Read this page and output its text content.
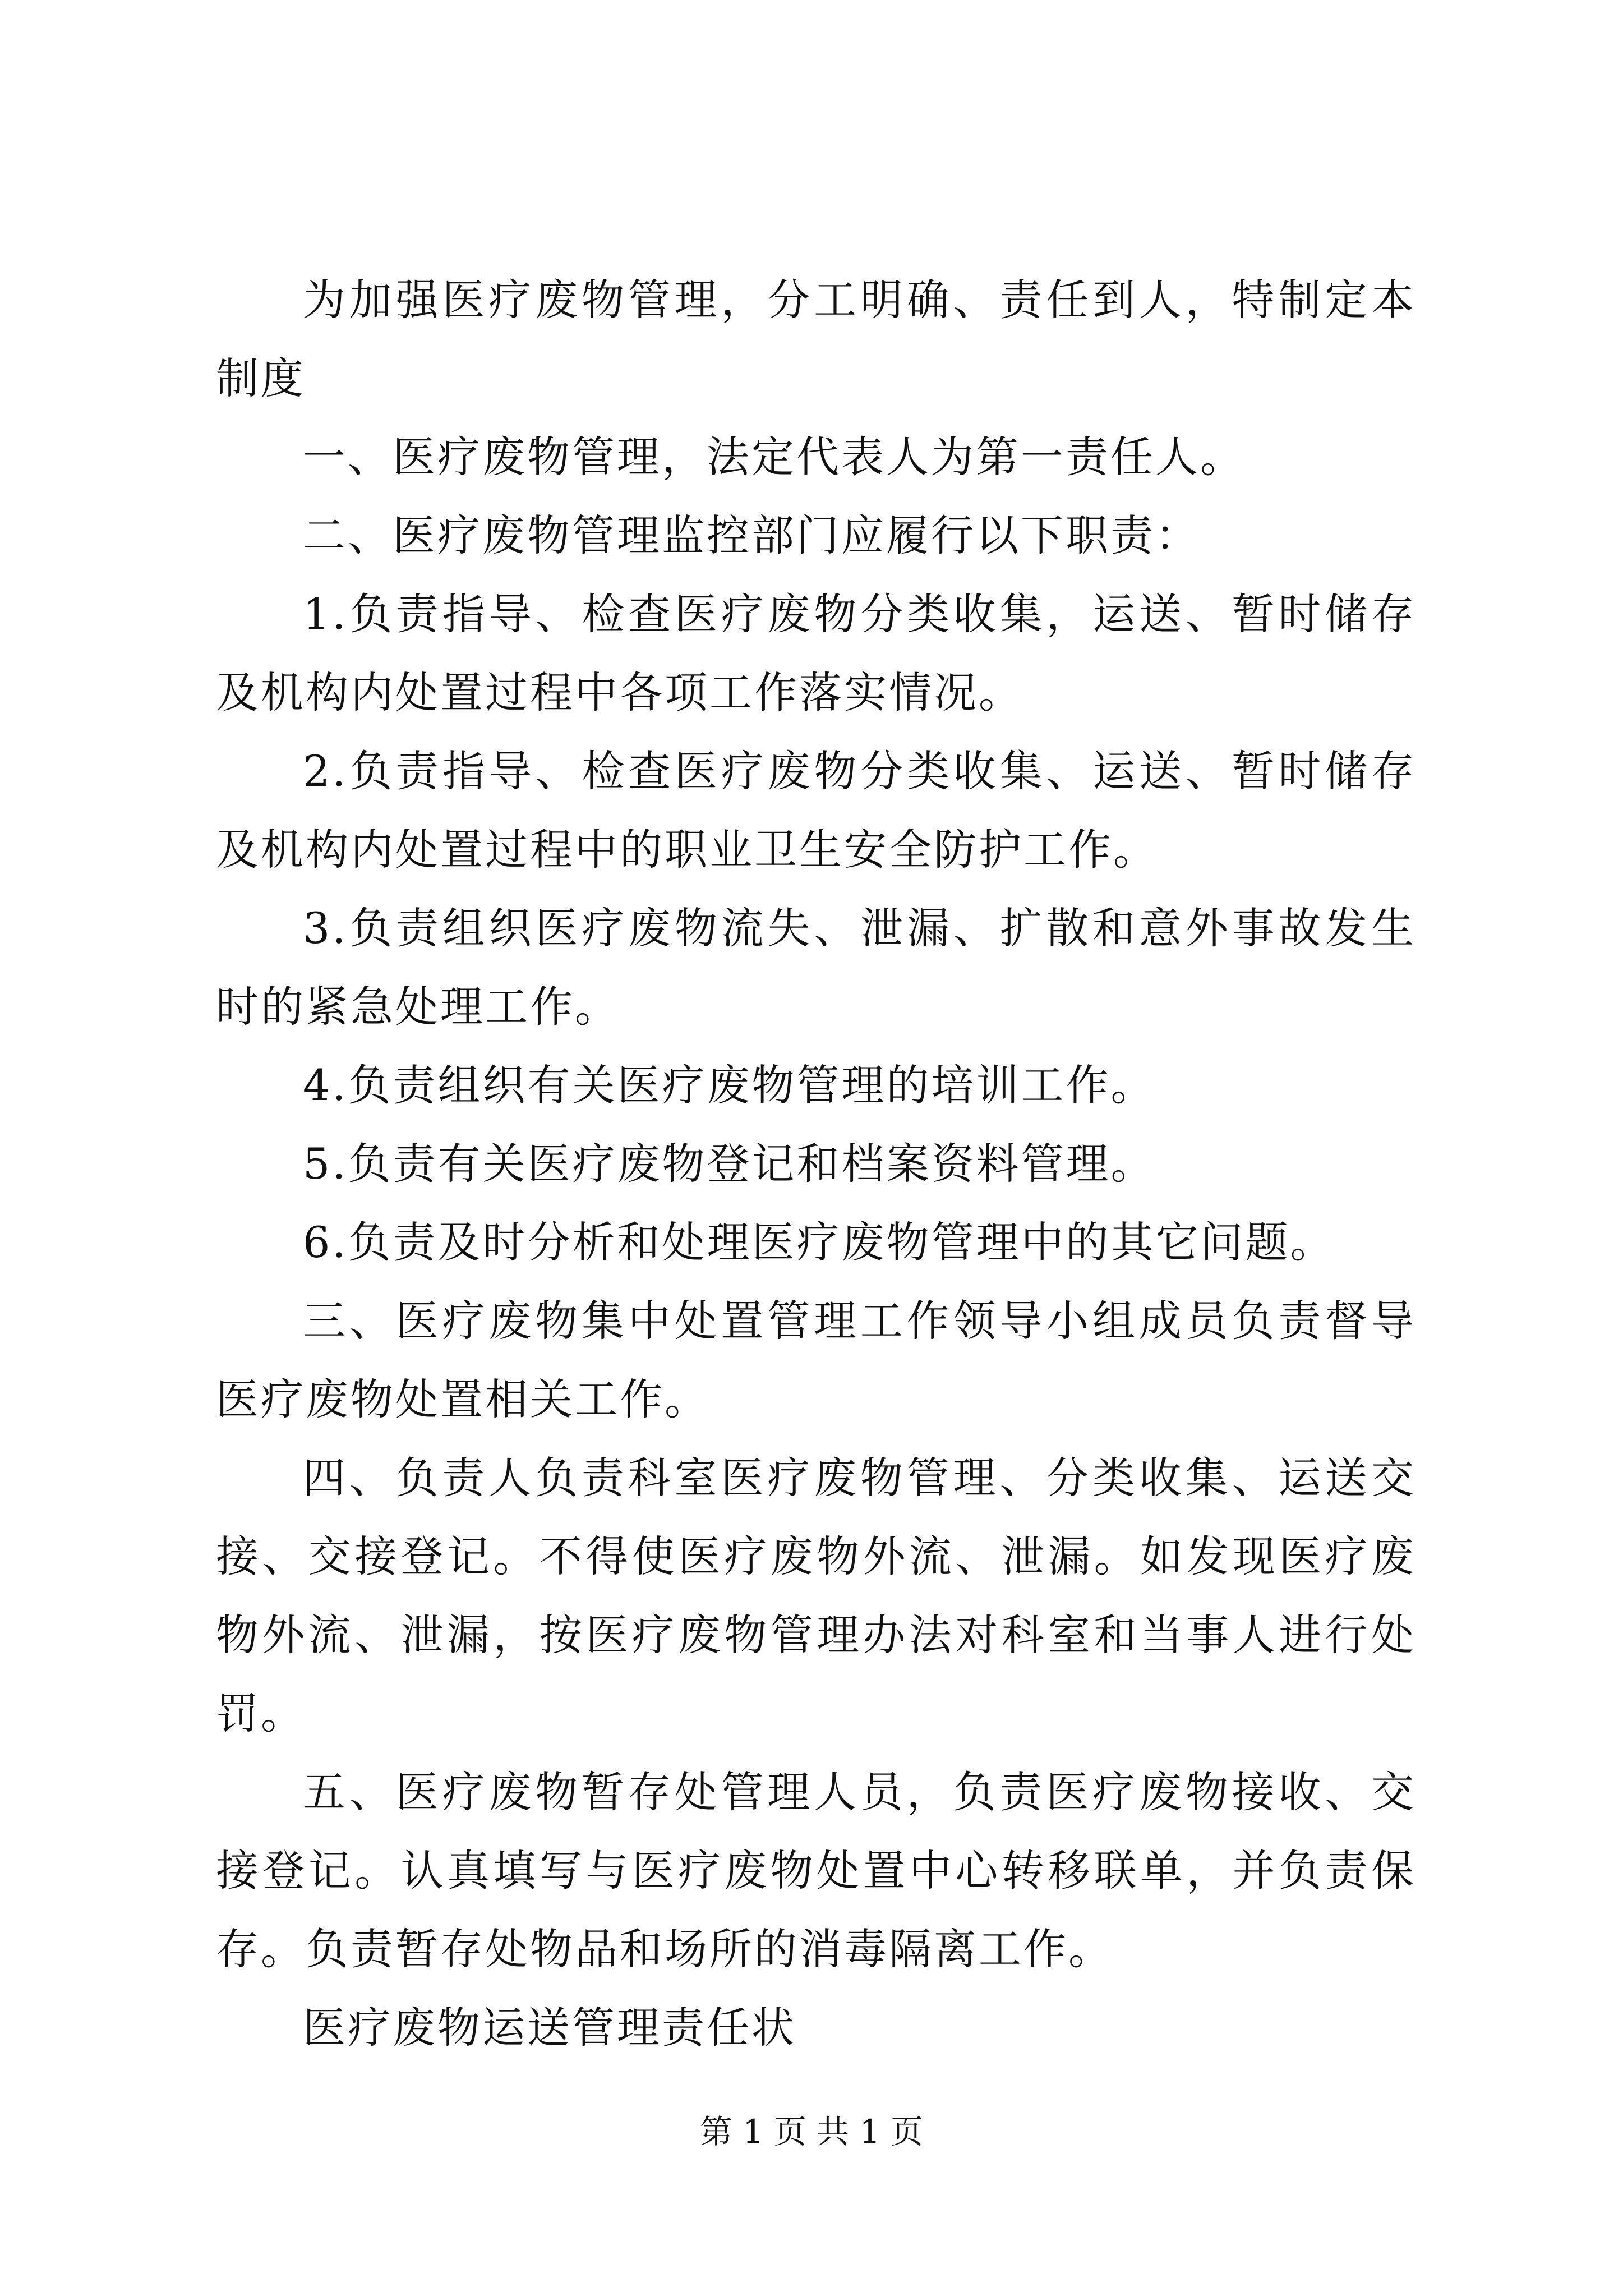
为加强医疗废物管理，分工明确、责任到人，特制定本制度

一、医疗废物管理，法定代表人为第一责任人。

二、医疗废物管理监控部门应履行以下职责：

1.负责指导、检查医疗废物分类收集，运送、暂时储存及机构内处置过程中各项工作落实情况。

2.负责指导、检查医疗废物分类收集、运送、暂时储存及机构内处置过程中的职业卫生安全防护工作。

3.负责组织医疗废物流失、泄漏、扩散和意外事故发生时的紧急处理工作。

4.负责组织有关医疗废物管理的培训工作。

5.负责有关医疗废物登记和档案资料管理。

6.负责及时分析和处理医疗废物管理中的其它问题。

三、医疗废物集中处置管理工作领导小组成员负责督导医疗废物处置相关工作。

四、负责人负责科室医疗废物管理、分类收集、运送交接、交接登记。不得使医疗废物外流、泄漏。如发现医疗废物外流、泄漏，按医疗废物管理办法对科室和当事人进行处罚。

五、医疗废物暂存处管理人员，负责医疗废物接收、交接登记。认真填写与医疗废物处置中心转移联单，并负责保存。负责暂存处物品和场所的消毒隔离工作。

医疗废物运送管理责任状

第 1 页 共 1 页
